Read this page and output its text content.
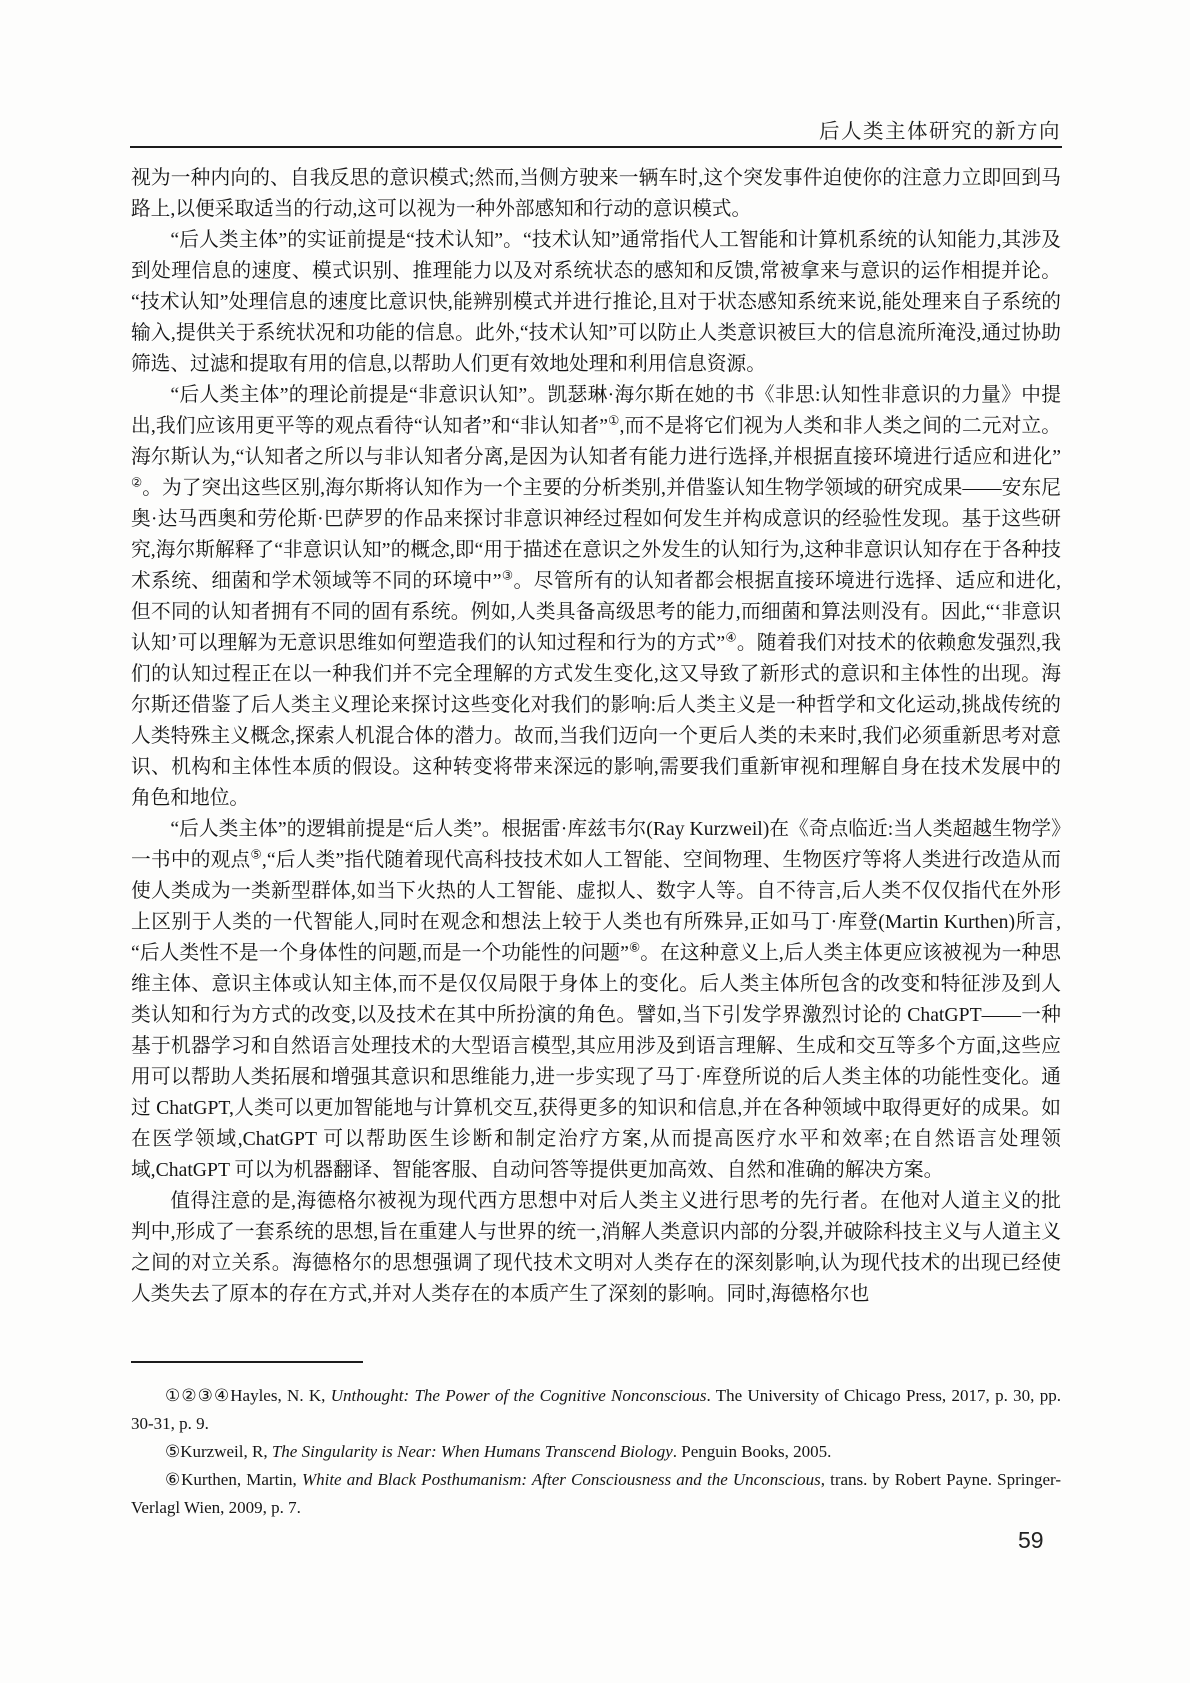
后人类主体研究的新方向

视为一种内向的、自我反思的意识模式;然而,当侧方驶来一辆车时,这个突发事件迫使你的注意力立即回到马路上,以便采取适当的行动,这可以视为一种外部感知和行动的意识模式。

“后人类主体”的实证前提是“技术认知”。“技术认知”通常指代人工智能和计算机系统的认知能力,其涉及到处理信息的速度、模式识别、推理能力以及对系统状态的感知和反馈,常被拿来与意识的运作相提并论。“技术认知”处理信息的速度比意识快,能辨别模式并进行推论,且对于状态感知系统来说,能处理来自子系统的输入,提供关于系统状况和功能的信息。此外,“技术认知”可以防止人类意识被巨大的信息流所淹没,通过协助筛选、过滤和提取有用的信息,以帮助人们更有效地处理和利用信息资源。

“后人类主体”的理论前提是“非意识认知”。凯瑟琳·海尔斯在她的书《非思:认知性非意识的力量》中提出,我们应该用更平等的观点看待“认知者”和“非认知者”①,而不是将它们视为人类和非人类之间的二元对立。海尔斯认为,“认知者之所以与非认知者分离,是因为认知者有能力进行选择,并根据直接环境进行适应和进化”②。为了突出这些区别,海尔斯将认知作为一个主要的分析类别,并借鉴认知生物学领域的研究成果——安东尼奥·达马西奥和劳伦斯·巴萨罗的作品来探讨非意识神经过程如何发生并构成意识的经验性发现。基于这些研究,海尔斯解释了“非意识认知”的概念,即“用于描述在意识之外发生的认知行为,这种非意识认知存在于各种技术系统、细菌和学术领域等不同的环境中”③。尽管所有的认知者都会根据直接环境进行选择、适应和进化,但不同的认知者拥有不同的固有系统。例如,人类具备高级思考的能力,而细菌和算法则没有。因此,“‘非意识认知’可以理解为无意识思维如何塑造我们的认知过程和行为的方式”④。随着我们对技术的依赖愈发强烈,我们的认知过程正在以一种我们并不完全理解的方式发生变化,这又导致了新形式的意识和主体性的出现。海尔斯还借鉴了后人类主义理论来探讨这些变化对我们的影响:后人类主义是一种哲学和文化运动,挑战传统的人类特殊主义概念,探索人机混合体的潜力。故而,当我们迈向一个更后人类的未来时,我们必须重新思考对意识、机构和主体性本质的假设。这种转变将带来深远的影响,需要我们重新审视和理解自身在技术发展中的角色和地位。

“后人类主体”的逻辑前提是“后人类”。根据雷·库兹韦尔(Ray Kurzweil)在《奇点临近:当人类超越生物学》一书中的观点⑤,“后人类”指代随着现代高科技技术如人工智能、空间物理、生物医疗等将人类进行改造从而使人类成为一类新型群体,如当下火热的人工智能、虚拟人、数字人等。自不待言,后人类不仅仅指代在外形上区别于人类的一代智能人,同时在观念和想法上较于人类也有所殊异,正如马丁·库登(Martin Kurthen)所言,“后人类性不是一个身体性的问题,而是一个功能性的问题”⑥。在这种意义上,后人类主体更应该被视为一种思维主体、意识主体或认知主体,而不是仅仅局限于身体上的变化。后人类主体所包含的改变和特征涉及到人类认知和行为方式的改变,以及技术在其中所扮演的角色。譬如,当下引发学界激烈讨论的 ChatGPT——一种基于机器学习和自然语言处理技术的大型语言模型,其应用涉及到语言理解、生成和交互等多个方面,这些应用可以帮助人类拓展和增强其意识和思维能力,进一步实现了马丁·库登所说的后人类主体的功能性变化。通过 ChatGPT,人类可以更加智能地与计算机交互,获得更多的知识和信息,并在各种领域中取得更好的成果。如在医学领域,ChatGPT 可以帮助医生诊断和制定治疗方案,从而提高医疗水平和效率;在自然语言处理领域,ChatGPT 可以为机器翻译、智能客服、自动问答等提供更加高效、自然和准确的解决方案。

值得注意的是,海德格尔被视为现代西方思想中对后人类主义进行思考的先行者。在他对人道主义的批判中,形成了一套系统的思想,旨在重建人与世界的统一,消解人类意识内部的分裂,并破除科技主义与人道主义之间的对立关系。海德格尔的思想强调了现代技术文明对人类存在的深刻影响,认为现代技术的出现已经使人类失去了原本的存在方式,并对人类存在的本质产生了深刻的影响。同时,海德格尔也

①②③④Hayles, N. K, Unthought: The Power of the Cognitive Nonconscious. The University of Chicago Press, 2017, p. 30, pp. 30-31, p. 9.

⑤Kurzweil, R, The Singularity is Near: When Humans Transcend Biology. Penguin Books, 2005.

⑥Kurthen, Martin, White and Black Posthumanism: After Consciousness and the Unconscious, trans. by Robert Payne. Springer-Verlagl Wien, 2009, p. 7.

59
